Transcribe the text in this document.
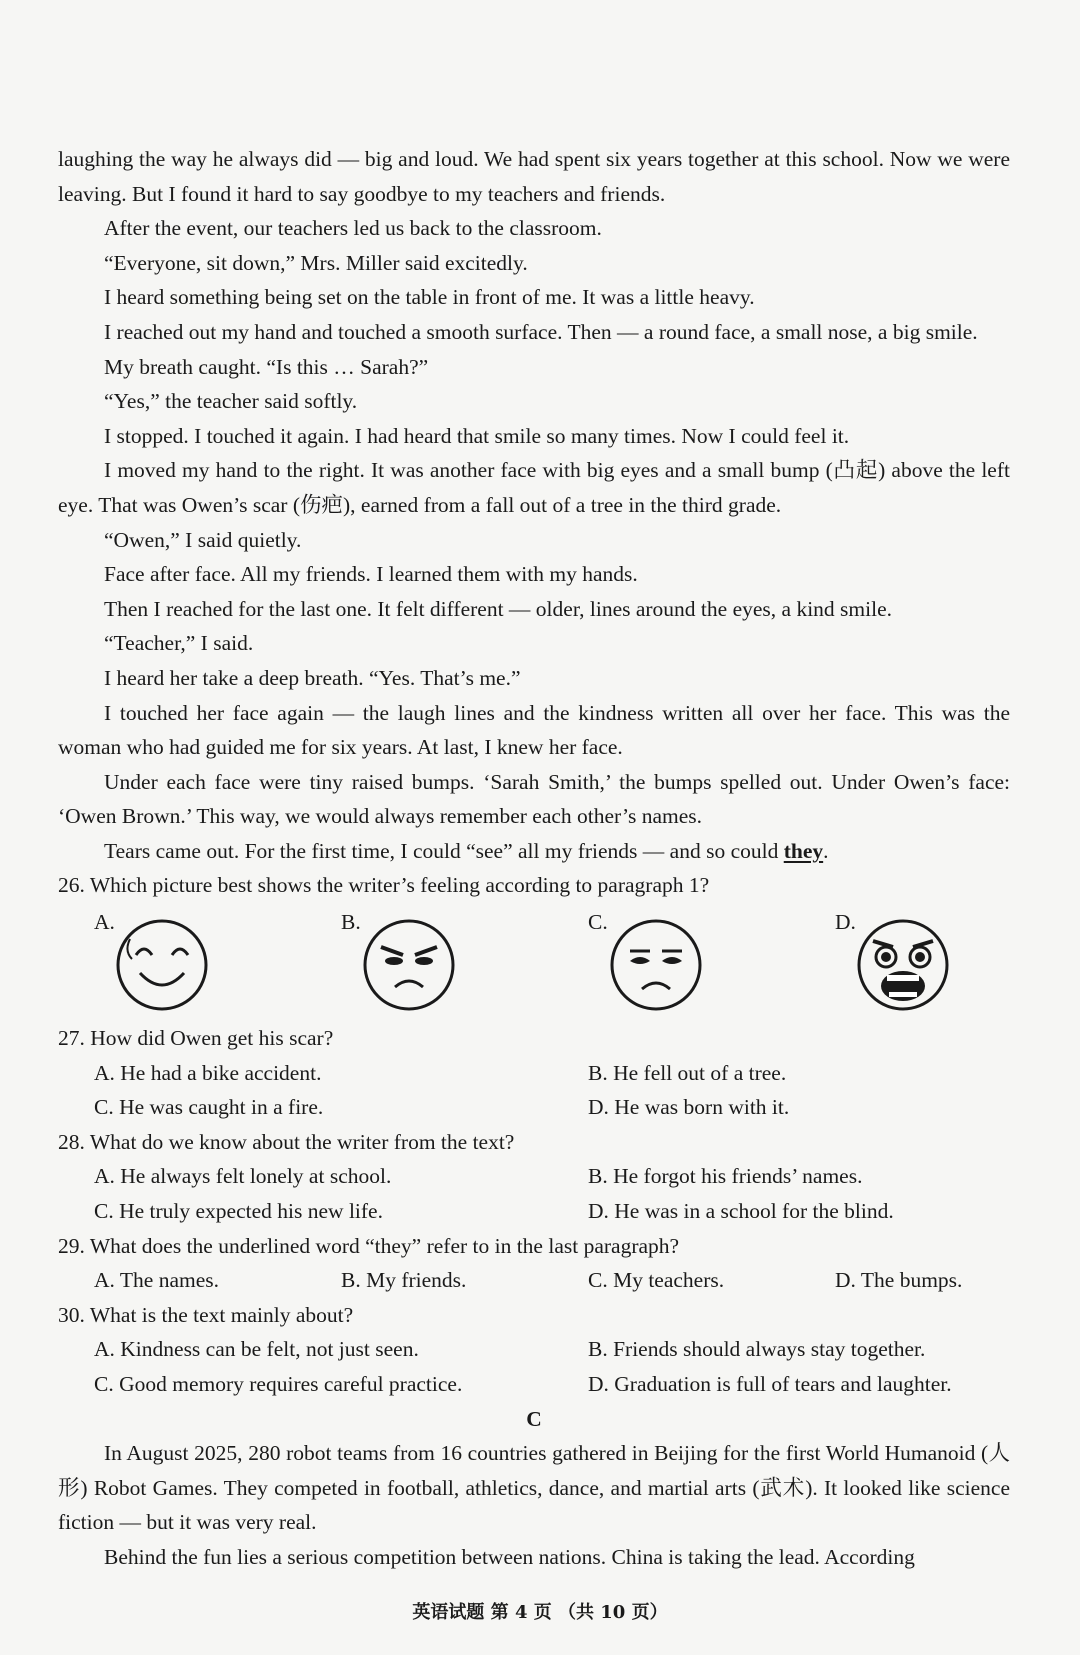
laughing the way he always did — big and loud. We had spent six years together at this school. Now we were leaving. But I found it hard to say goodbye to my teachers and friends.

After the event, our teachers led us back to the classroom.

“Everyone, sit down,” Mrs. Miller said excitedly.

I heard something being set on the table in front of me. It was a little heavy.

I reached out my hand and touched a smooth surface. Then — a round face, a small nose, a big smile.

My breath caught. “Is this … Sarah?”

“Yes,” the teacher said softly.

I stopped. I touched it again. I had heard that smile so many times. Now I could feel it.

I moved my hand to the right. It was another face with big eyes and a small bump (凸起) above the left eye. That was Owen’s scar (伤疤), earned from a fall out of a tree in the third grade.

“Owen,” I said quietly.

Face after face. All my friends. I learned them with my hands.

Then I reached for the last one. It felt different — older, lines around the eyes, a kind smile.

“Teacher,” I said.

I heard her take a deep breath. “Yes. That’s me.”

I touched her face again — the laugh lines and the kindness written all over her face. This was the woman who had guided me for six years. At last, I knew her face.

Under each face were tiny raised bumps. ‘Sarah Smith,’ the bumps spelled out. Under Owen’s face: ‘Owen Brown.’ This way, we would always remember each other’s names.

Tears came out. For the first time, I could “see” all my friends — and so could they.

26. Which picture best shows the writer’s feeling according to paragraph 1?

A.	B.	C.	D.

27. How did Owen get his scar?

A. He had a bike accident.	B. He fell out of a tree.
C. He was caught in a fire.	D. He was born with it.

28. What do we know about the writer from the text?

A. He always felt lonely at school.	B. He forgot his friends’ names.
C. He truly expected his new life.	D. He was in a school for the blind.

29. What does the underlined word “they” refer to in the last paragraph?

A. The names.	B. My friends.	C. My teachers.	D. The bumps.

30. What is the text mainly about?

A. Kindness can be felt, not just seen.	B. Friends should always stay together.
C. Good memory requires careful practice.	D. Graduation is full of tears and laughter.

C

In August 2025, 280 robot teams from 16 countries gathered in Beijing for the first World Humanoid (人形) Robot Games. They competed in football, athletics, dance, and martial arts (武术). It looked like science fiction — but it was very real.

Behind the fun lies a serious competition between nations. China is taking the lead. According

英语试题 第 4 页 （共 10 页）
